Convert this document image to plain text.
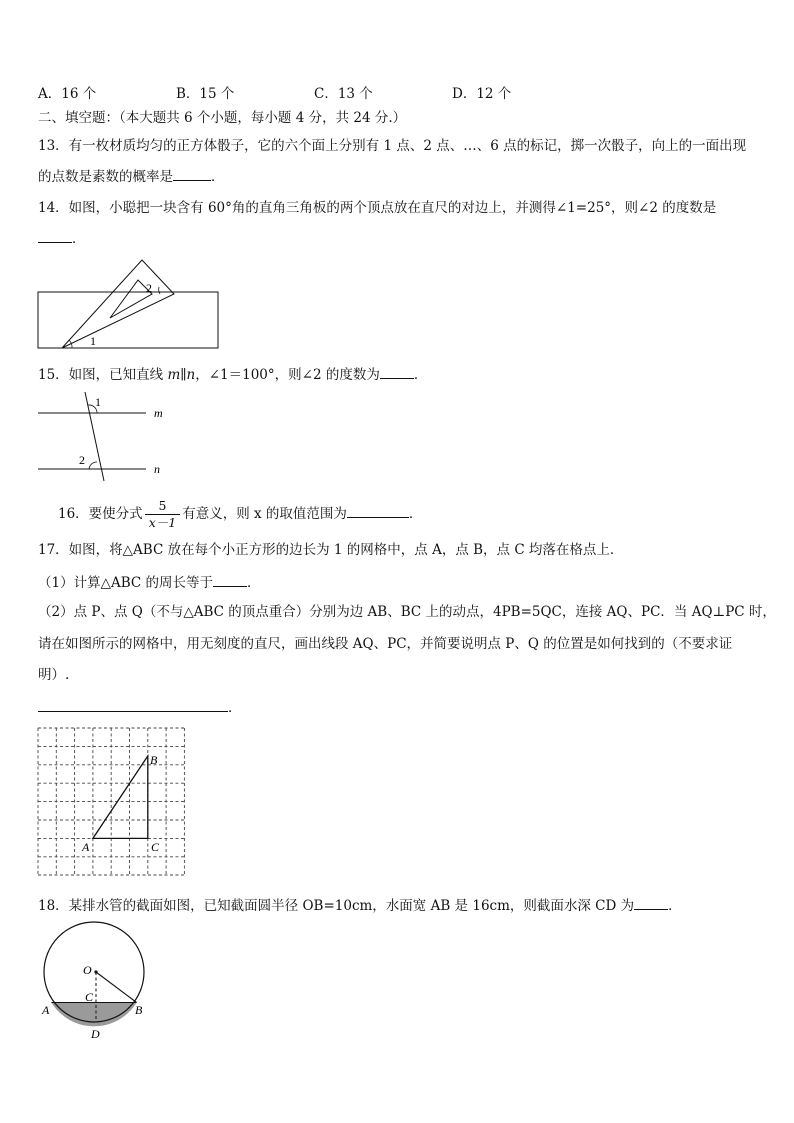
A．16 个	B．15 个	C．13 个	D．12 个
二、填空题：（本大题共 6 个小题，每小题 4 分，共 24 分.）
13．有一枚材质均匀的正方体骰子，它的六个面上分别有 1 点、2 点、…、6 点的标记，掷一次骰子，向上的一面出现
的点数是素数的概率是	．
14．如图，小聪把一块含有 60°角的直角三角板的两个顶点放在直尺的对边上，并测得∠1=25°，则∠2 的度数是
．
1
2
15．如图，已知直线 m∥n，∠1＝100°，则∠2 的度数为	．
1
2
m
n
16．要使分式 $\frac{5}{x-1}$ 有意义，则 x 的取值范围为	．
17．如图，将△ABC 放在每个小正方形的边长为 1 的网格中，点 A，点 B，点 C 均落在格点上．
（1）计算△ABC 的周长等于	．
（2）点 P、点 Q（不与△ABC 的顶点重合）分别为边 AB、BC 上的动点，4PB=5QC，连接 AQ、PC．当 AQ⊥PC 时，
请在如图所示的网格中，用无刻度的直尺，画出线段 AQ、PC，并简要说明点 P、Q 的位置是如何找到的（不要求证
明）.
．
A
B
C
18．某排水管的截面如图，已知截面圆半径 OB=10cm，水面宽 AB 是 16cm，则截面水深 CD 为	．
O
C
A	B
D
